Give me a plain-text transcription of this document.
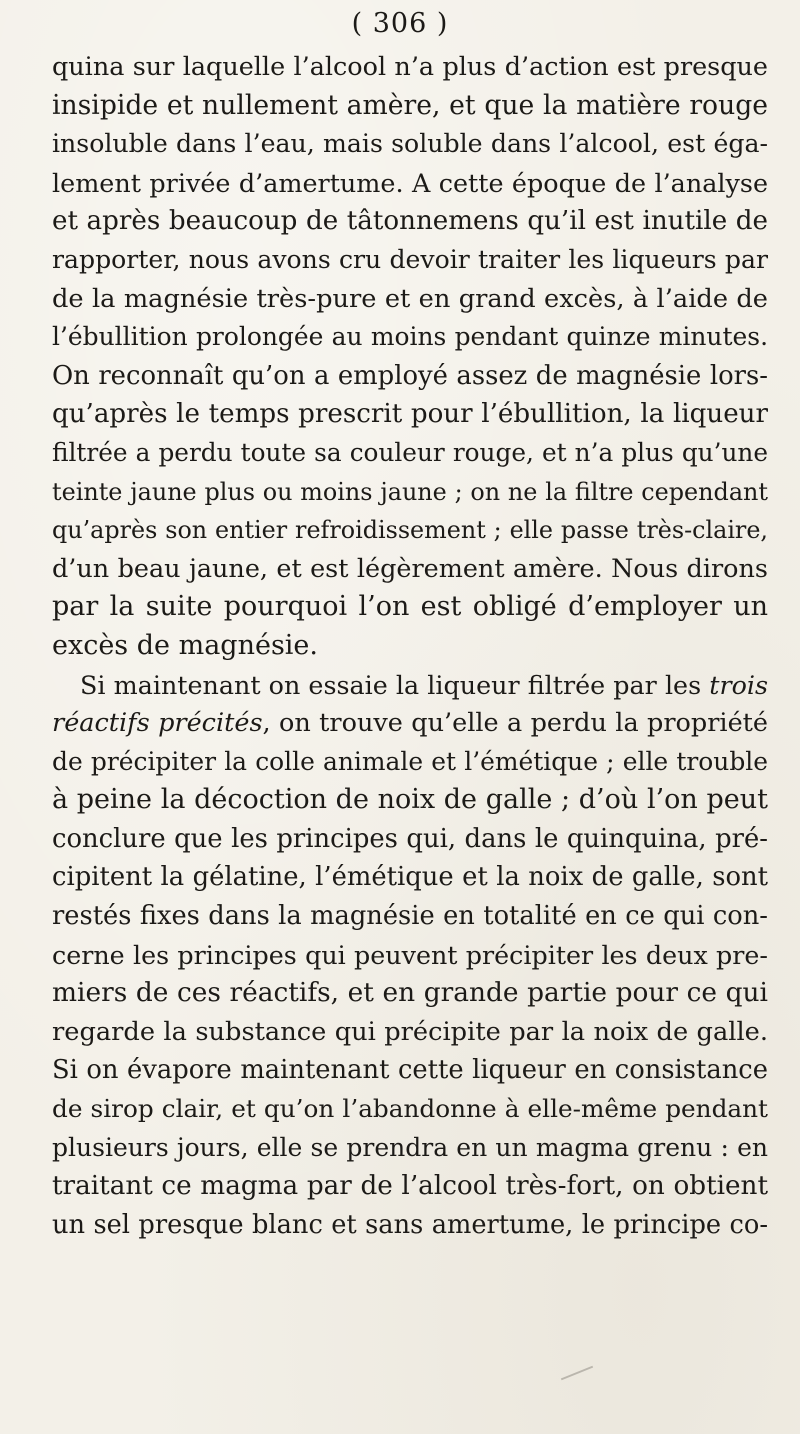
( 306 )
quina sur laquelle l’alcool n’a plus d’action est presque
insipide et nullement amère, et que la matière rouge
insoluble dans l’eau, mais soluble dans l’alcool, est éga-
lement privée d’amertume. A cette époque de l’analyse
et après beaucoup de tâtonnemens qu’il est inutile de
rapporter, nous avons cru devoir traiter les liqueurs par
de la magnésie très-pure et en grand excès, à l’aide de
l’ébullition prolongée au moins pendant quinze minutes.
On reconnaît qu’on a employé assez de magnésie lors-
qu’après le temps prescrit pour l’ébullition, la liqueur
filtrée a perdu toute sa couleur rouge, et n’a plus qu’une
teinte jaune plus ou moins jaune ; on ne la filtre cependant
qu’après son entier refroidissement ; elle passe très-claire,
d’un beau jaune, et est légèrement amère. Nous dirons
par la suite pourquoi l’on est obligé d’employer un
excès de magnésie.
Si maintenant on essaie la liqueur filtrée par les trois
réactifs précités, on trouve qu’elle a perdu la propriété
de précipiter la colle animale et l’émétique ; elle trouble
à peine la décoction de noix de galle ; d’où l’on peut
conclure que les principes qui, dans le quinquina, pré-
cipitent la gélatine, l’émétique et la noix de galle, sont
restés fixes dans la magnésie en totalité en ce qui con-
cerne les principes qui peuvent précipiter les deux pre-
miers de ces réactifs, et en grande partie pour ce qui
regarde la substance qui précipite par la noix de galle.
Si on évapore maintenant cette liqueur en consistance
de sirop clair, et qu’on l’abandonne à elle-même pendant
plusieurs jours, elle se prendra en un magma grenu : en
traitant ce magma par de l’alcool très-fort, on obtient
un sel presque blanc et sans amertume, le principe co-
